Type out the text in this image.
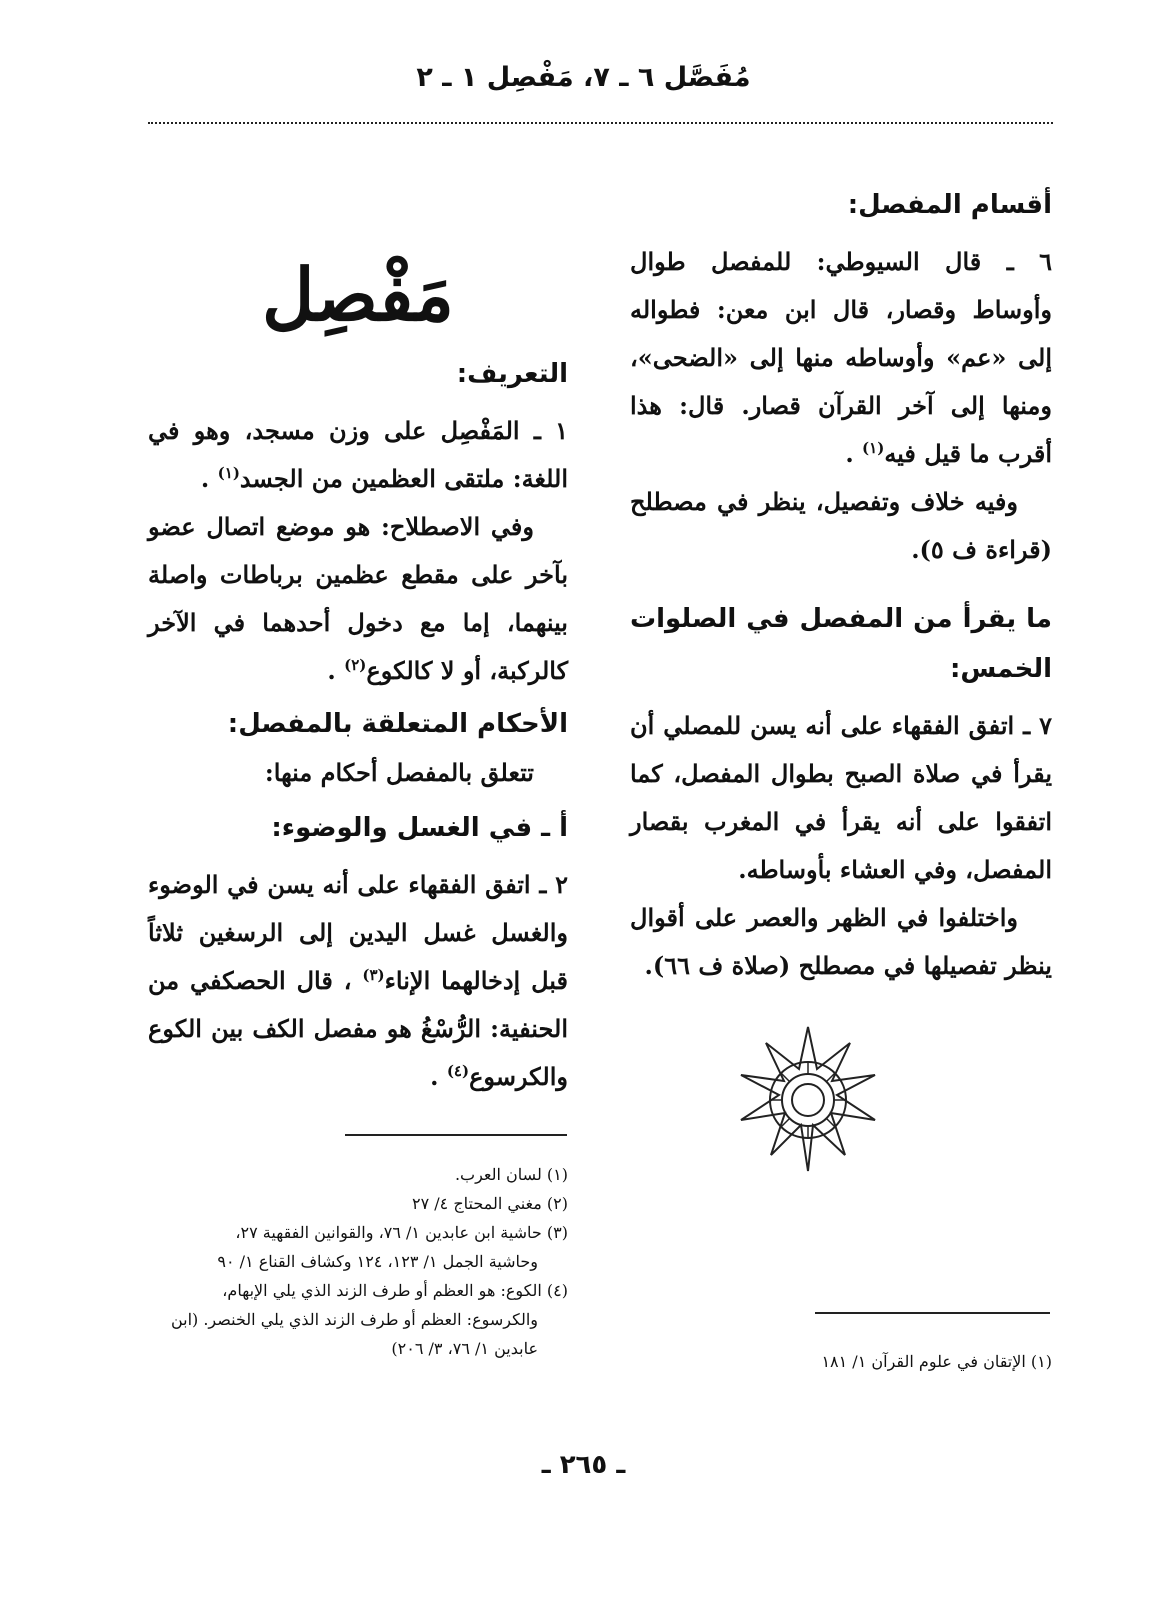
مُفَصَّل ٦ ـ ٧، مَفْصِل ١ ـ ٢
أقسام المفصل:

٦ ـ قال السيوطي: للمفصل طوال وأوساط وقصار، قال ابن معن: فطواله إلى «عم» وأوساطه منها إلى «الضحى»، ومنها إلى آخر القرآن قصار. قال: هذا أقرب ما قيل فيه$^{(١)}$ .

وفيه خلاف وتفصيل، ينظر في مصطلح (قراءة ف ٥).

ما يقرأ من المفصل في الصلوات الخمس:

٧ ـ اتفق الفقهاء على أنه يسن للمصلي أن يقرأ في صلاة الصبح بطوال المفصل، كما اتفقوا على أنه يقرأ في المغرب بقصار المفصل، وفي العشاء بأوساطه.

واختلفوا في الظهر والعصر على أقوال ينظر تفصيلها في مصطلح (صلاة ف ٦٦).

مَفْصِل
التعريف:

١ ـ المَفْصِل على وزن مسجد، وهو في اللغة: ملتقى العظمين من الجسد$^{(١)}$ .

وفي الاصطلاح: هو موضع اتصال عضو بآخر على مقطع عظمين برباطات واصلة بينهما، إما مع دخول أحدهما في الآخر كالركبة، أو لا كالكوع$^{(٢)}$ .

الأحكام المتعلقة بالمفصل:

تتعلق بالمفصل أحكام منها:

أ ـ في الغسل والوضوء:

٢ ـ اتفق الفقهاء على أنه يسن في الوضوء والغسل غسل اليدين إلى الرسغين ثلاثاً قبل إدخالهما الإناء$^{(٣)}$ ، قال الحصكفي من الحنفية: الرُّسْغُ هو مفصل الكف بين الكوع والكرسوع$^{(٤)}$ .

(١) لسان العرب.
(٢) مغني المحتاج ٤/ ٢٧
(٣) حاشية ابن عابدين ١/ ٧٦، والقوانين الفقهية ٢٧،
وحاشية الجمل ١/ ١٢٣، ١٢٤ وكشاف القناع ١/ ٩٠
(٤) الكوع: هو العظم أو طرف الزند الذي يلي الإبهام،
والكرسوع: العظم أو طرف الزند الذي يلي الخنصر. (ابن
عابدين ١/ ٧٦، ٣/ ٢٠٦)
(١) الإتقان في علوم القرآن ١/ ١٨١
ـ ٢٦٥ ـ
